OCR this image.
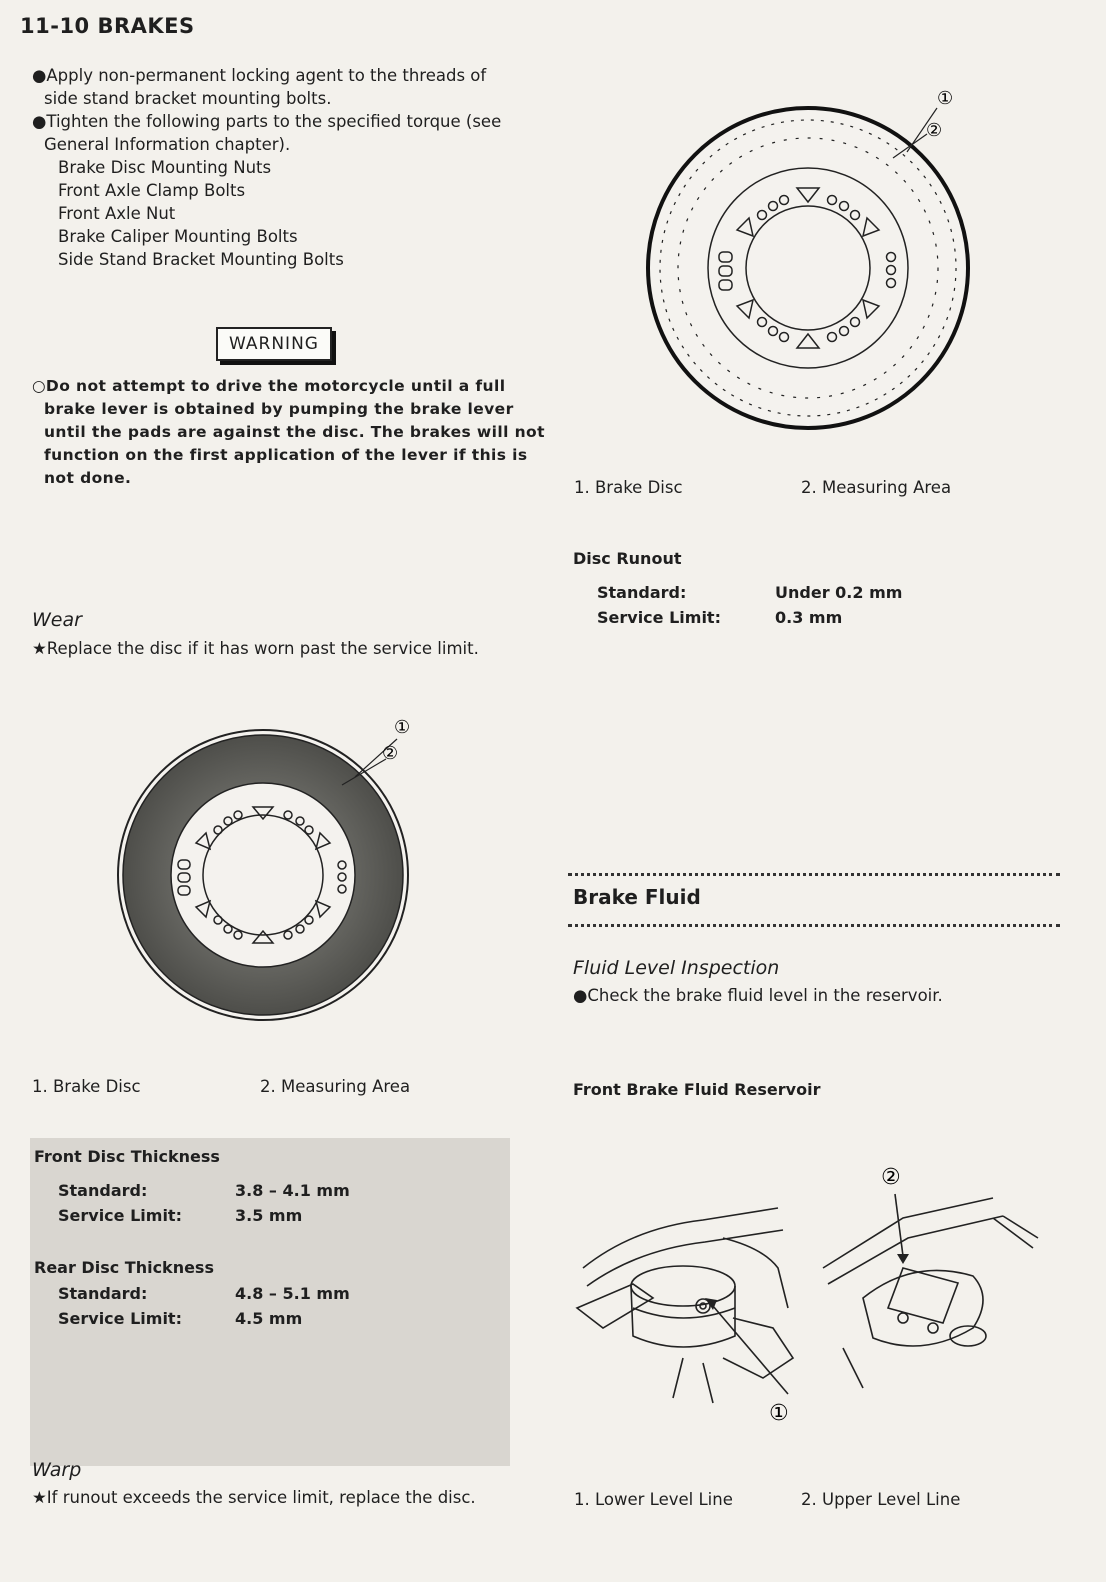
11-10 BRAKES
●Apply non-permanent locking agent to the threads of
side stand bracket mounting bolts.
●Tighten the following parts to the specified torque (see
General Information chapter).
Brake Disc Mounting Nuts
Front Axle Clamp Bolts
Front Axle Nut
Brake Caliper Mounting Bolts
Side Stand Bracket Mounting Bolts
WARNING
○Do not attempt to drive the motorcycle until a full
brake lever is obtained by pumping the brake lever
until the pads are against the disc. The brakes will not
function on the first application of the lever if this is
not done.
Wear
★Replace the disc if it has worn past the service limit.
①
②
1. Brake Disc	2. Measuring Area
Front Disc Thickness
Standard:	3.8 – 4.1 mm
Service Limit:	3.5 mm
Rear Disc Thickness
Standard:	4.8 – 5.1 mm
Service Limit:	4.5 mm
Warp
★If runout exceeds the service limit, replace the disc.
①
②
1. Brake Disc	2. Measuring Area
Disc Runout
Standard:	Under 0.2 mm
Service Limit:	0.3 mm
Brake Fluid
Fluid Level Inspection
●Check the brake fluid level in the reservoir.
Front Brake Fluid Reservoir
①
②
1. Lower Level Line	2. Upper Level Line
